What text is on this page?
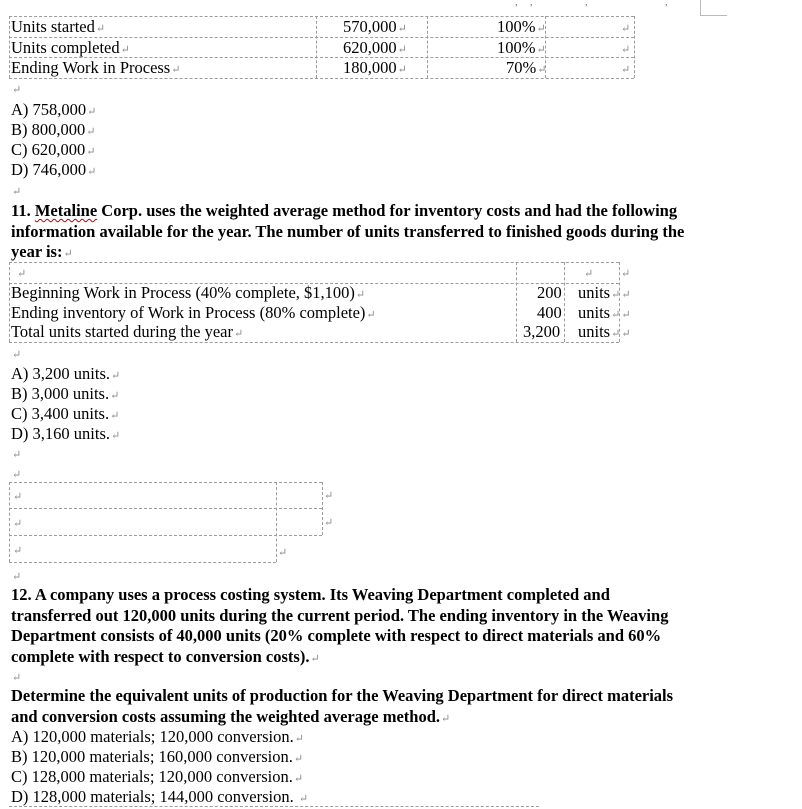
, ,	,	,
Units started↵	570,000↵	100%↵	↵
Units completed↵	620,000↵	100%↵	↵
Ending Work in Process↵	180,000↵	70%↵	↵
↵
A) 758,000↵
B) 800,000↵
C) 620,000↵
D) 746,000↵
↵
11. Metaline Corp. uses the weighted average method for inventory costs and had the following information available for the year. The number of units transferred to finished goods during the year is:↵
↵	↵	↵
Beginning Work in Process (40% complete, $1,100)↵	200 units↵↵
Ending inventory of Work in Process (80% complete)↵	400 units↵↵
Total units started during the year↵	3,200 units↵↵
↵
A) 3,200 units.↵
B) 3,000 units.↵
C) 3,400 units.↵
D) 3,160 units.↵
↵
↵
↵
↵
↵
↵
↵
↵
↵
12. A company uses a process costing system. Its Weaving Department completed and transferred out 120,000 units during the current period. The ending inventory in the Weaving Department consists of 40,000 units (20% complete with respect to direct materials and 60% complete with respect to conversion costs).↵
↵
Determine the equivalent units of production for the Weaving Department for direct materials and conversion costs assuming the weighted average method.↵
A) 120,000 materials; 120,000 conversion.↵
B) 120,000 materials; 160,000 conversion.↵
C) 128,000 materials; 120,000 conversion.↵
D) 128,000 materials; 144,000 conversion. ↵
